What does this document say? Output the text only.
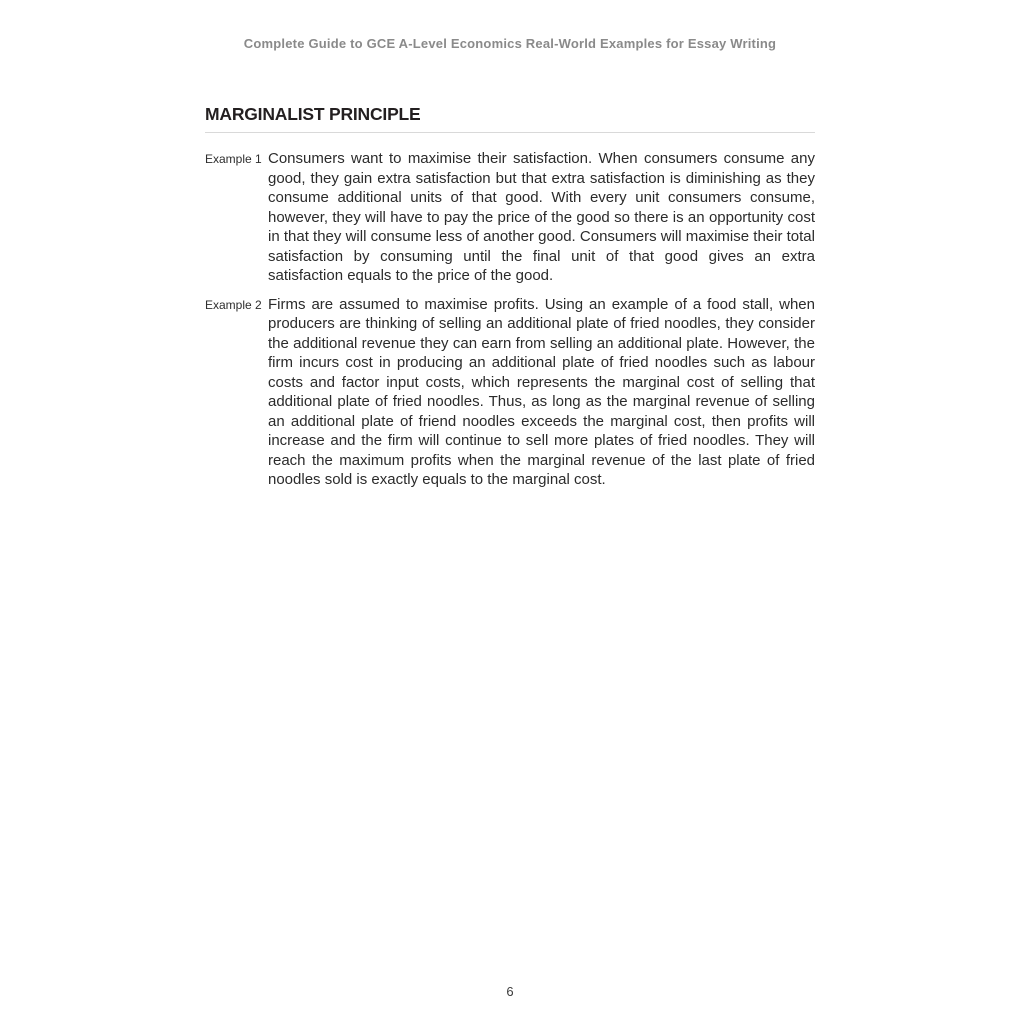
Complete Guide to GCE A-Level Economics Real-World Examples for Essay Writing
MARGINALIST PRINCIPLE
Example 1 Consumers want to maximise their satisfaction. When consumers consume any good, they gain extra satisfaction but that extra satisfaction is diminishing as they consume additional units of that good. With every unit consumers consume, however, they will have to pay the price of the good so there is an opportunity cost in that they will consume less of another good. Consumers will maximise their total satisfaction by consuming until the final unit of that good gives an extra satisfaction equals to the price of the good.
Example 2 Firms are assumed to maximise profits. Using an example of a food stall, when producers are thinking of selling an additional plate of fried noodles, they consider the additional revenue they can earn from selling an additional plate. However, the firm incurs cost in producing an additional plate of fried noodles such as labour costs and factor input costs, which represents the marginal cost of selling that additional plate of fried noodles. Thus, as long as the marginal revenue of selling an additional plate of friend noodles exceeds the marginal cost, then profits will increase and the firm will continue to sell more plates of fried noodles. They will reach the maximum profits when the marginal revenue of the last plate of fried noodles sold is exactly equals to the marginal cost.
6
